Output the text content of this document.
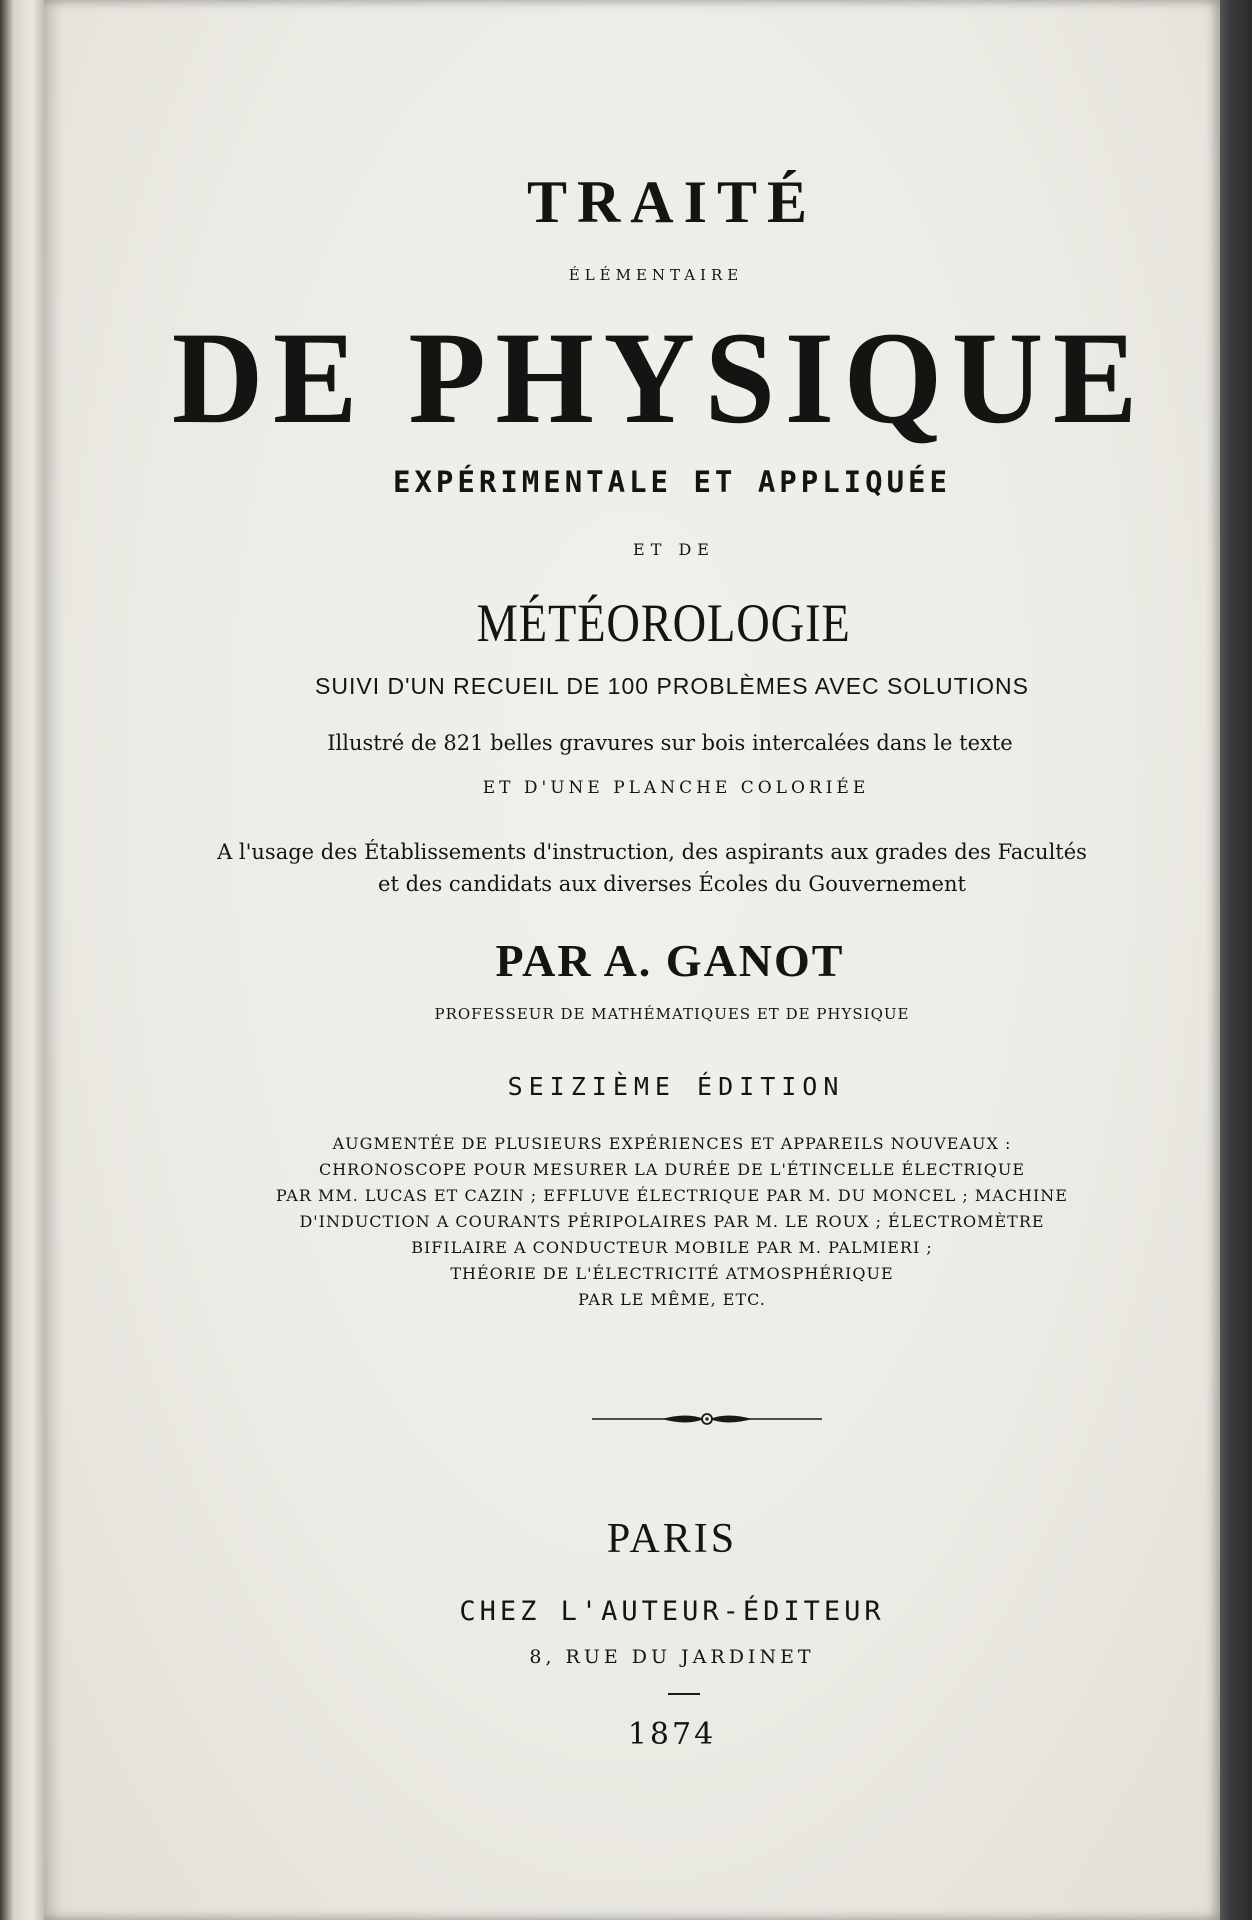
TRAITÉ
ÉLÉMENTAIRE
DE PHYSIQUE
EXPÉRIMENTALE ET APPLIQUÉE
ET DE
MÉTÉOROLOGIE
SUIVI D'UN RECUEIL DE 100 PROBLÈMES AVEC SOLUTIONS
Illustré de 821 belles gravures sur bois intercalées dans le texte
ET D'UNE PLANCHE COLORIÉE
A l'usage des Établissements d'instruction, des aspirants aux grades des Facultés
et des candidats aux diverses Écoles du Gouvernement
PAR A. GANOT
PROFESSEUR DE MATHÉMATIQUES ET DE PHYSIQUE
SEIZIÈME ÉDITION
AUGMENTÉE DE PLUSIEURS EXPÉRIENCES ET APPAREILS NOUVEAUX :
CHRONOSCOPE POUR MESURER LA DURÉE DE L'ÉTINCELLE ÉLECTRIQUE
PAR MM. LUCAS ET CAZIN ; EFFLUVE ÉLECTRIQUE PAR M. DU MONCEL ; MACHINE
D'INDUCTION A COURANTS PÉRIPOLAIRES PAR M. LE ROUX ; ÉLECTROMÈTRE
BIFILAIRE A CONDUCTEUR MOBILE PAR M. PALMIERI ;
THÉORIE DE L'ÉLECTRICITÉ ATMOSPHÉRIQUE
PAR LE MÊME, ETC.
PARIS
CHEZ L'AUTEUR-ÉDITEUR
8, RUE DU JARDINET
1874
